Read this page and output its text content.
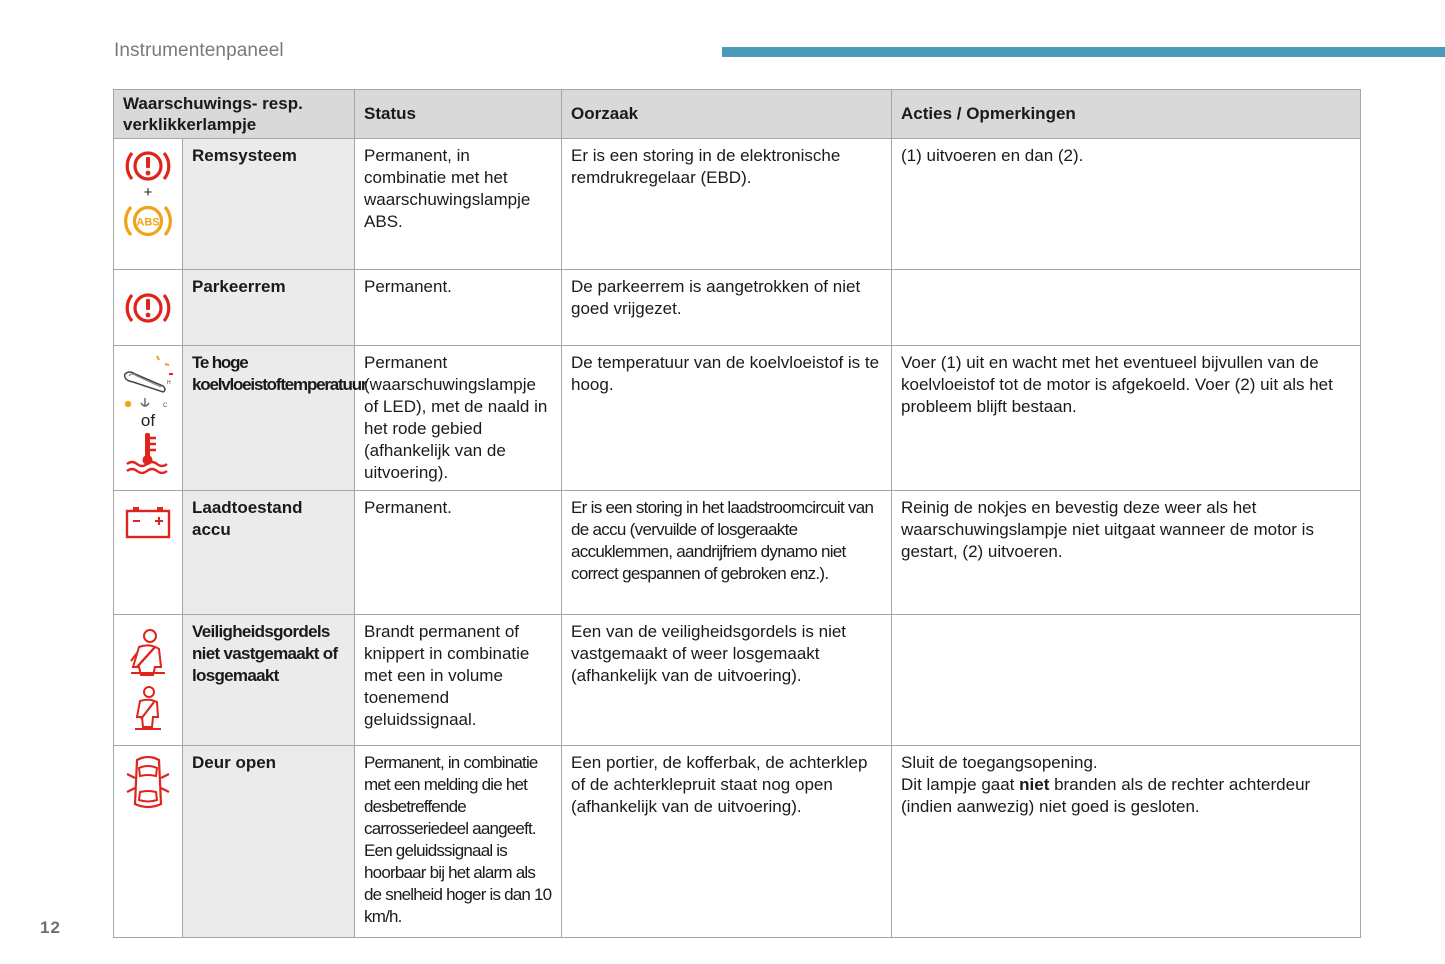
Instrumentenpaneel
Waarschuwings- resp. verklikkerlampje		Status	Oorzaak	Acties / Opmerkingen

+
ABS	Remsysteem	Permanent, in combinatie met het waarschuwingslampje ABS.	Er is een storing in de elektronische remdrukregelaar (EBD).	(1) uitvoeren en dan (2).

	Parkeerrem	Permanent.	De parkeerrem is aangetrokken of niet goed vrijgezet.	

H
C
of	Te hoge koelvloeistoftemperatuur	Permanent (waarschuwingslampje of LED), met de naald in het rode gebied (afhankelijk van de uitvoering).	De temperatuur van de koelvloeistof is te hoog.	Voer (1) uit en wacht met het eventueel bijvullen van de koelvloeistof tot de motor is afgekoeld. Voer (2) uit als het probleem blijft bestaan.

	Laadtoestand accu	Permanent.	Er is een storing in het laadstroomcircuit van de accu (vervuilde of losgeraakte accuklemmen, aandrijfriem dynamo niet correct gespannen of gebroken enz.).	Reinig de nokjes en bevestig deze weer als het waarschuwingslampje niet uitgaat wanneer de motor is gestart, (2) uitvoeren.

	Veiligheidsgordels niet vastgemaakt of losgemaakt	Brandt permanent of knippert in combinatie met een in volume toenemend geluidssignaal.	Een van de veiligheidsgordels is niet vastgemaakt of weer losgemaakt (afhankelijk van de uitvoering).	

	Deur open	Permanent, in combinatie met een melding die het desbetreffende carrosseriedeel aangeeft. Een geluidssignaal is hoorbaar bij het alarm als de snelheid hoger is dan 10 km/h.	Een portier, de kofferbak, de achterklep of de achterklepruit staat nog open (afhankelijk van de uitvoering).	Sluit de toegangsopening.
Dit lampje gaat niet branden als de rechter achterdeur (indien aanwezig) niet goed is gesloten.
12
